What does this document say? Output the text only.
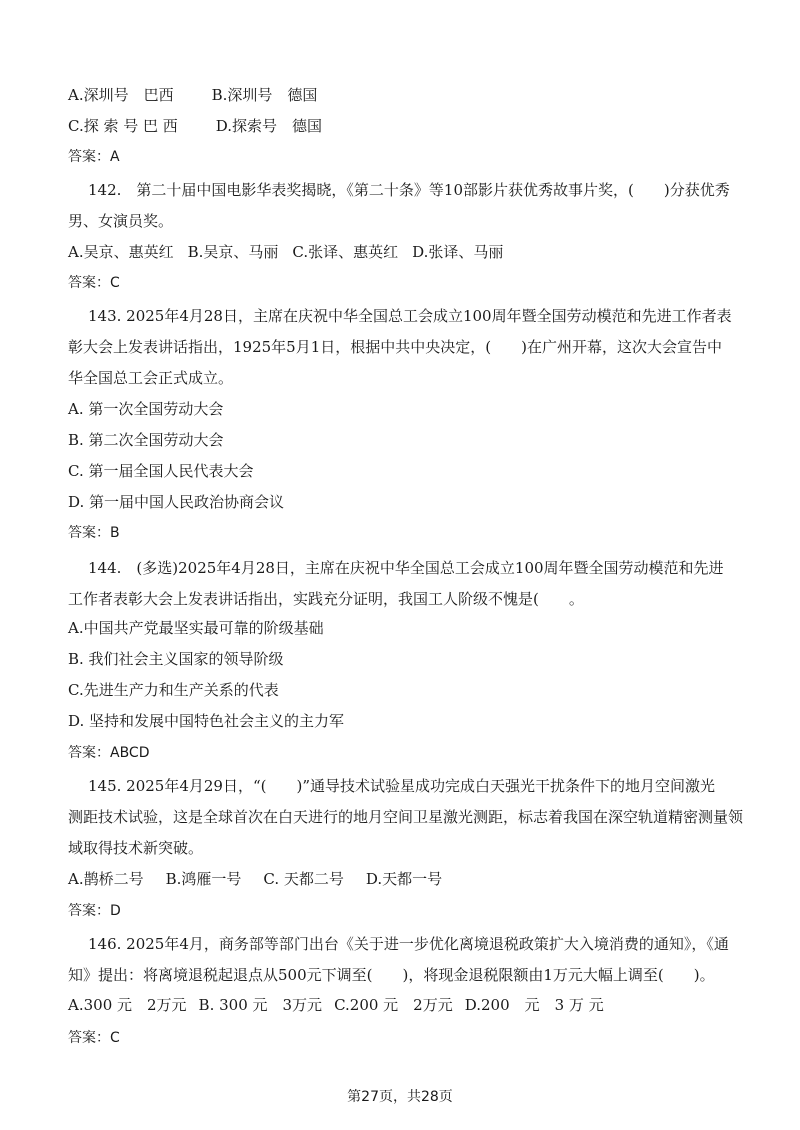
A.深圳号　巴西	B.深圳号　德国
C.探 索 号 巴 西	D.探索号　德国
答案：A
142.　第二十届中国电影华表奖揭晓，《第二十条》等10部影片获优秀故事片奖，(　　)分获优秀
男、女演员奖。
A.吴京、惠英红 B.吴京、马丽 C.张译、惠英红 D.张译、马丽
答案：C
143. 2025年4月28日，主席在庆祝中华全国总工会成立100周年暨全国劳动模范和先进工作者表
彰大会上发表讲话指出，1925年5月1日，根据中共中央决定，(　　)在广州开幕，这次大会宣告中
华全国总工会正式成立。
A. 第一次全国劳动大会
B. 第二次全国劳动大会
C. 第一届全国人民代表大会
D. 第一届中国人民政治协商会议
答案：B
144.　(多选)2025年4月28日，主席在庆祝中华全国总工会成立100周年暨全国劳动模范和先进
工作者表彰大会上发表讲话指出，实践充分证明，我国工人阶级不愧是(　　。
A.中国共产党最坚实最可靠的阶级基础
B. 我们社会主义国家的领导阶级
C.先进生产力和生产关系的代表
D. 坚持和发展中国特色社会主义的主力军
答案：ABCD
145. 2025年4月29日，“(　　)”通导技术试验星成功完成白天强光干扰条件下的地月空间激光
测距技术试验，这是全球首次在白天进行的地月空间卫星激光测距，标志着我国在深空轨道精密测量领
域取得技术新突破。
A.鹊桥二号 B.鸿雁一号 C. 天都二号 D.天都一号
答案：D
146. 2025年4月，商务部等部门出台《关于进一步优化离境退税政策扩大入境消费的通知》，《通
知》提出：将离境退税起退点从500元下调至(　　)，将现金退税限额由1万元大幅上调至(　　)。
A.300 元　2万元 B. 300 元　3万元 C.200 元　2万元 D.200　元　3 万 元
答案：C
第27页，共28页
